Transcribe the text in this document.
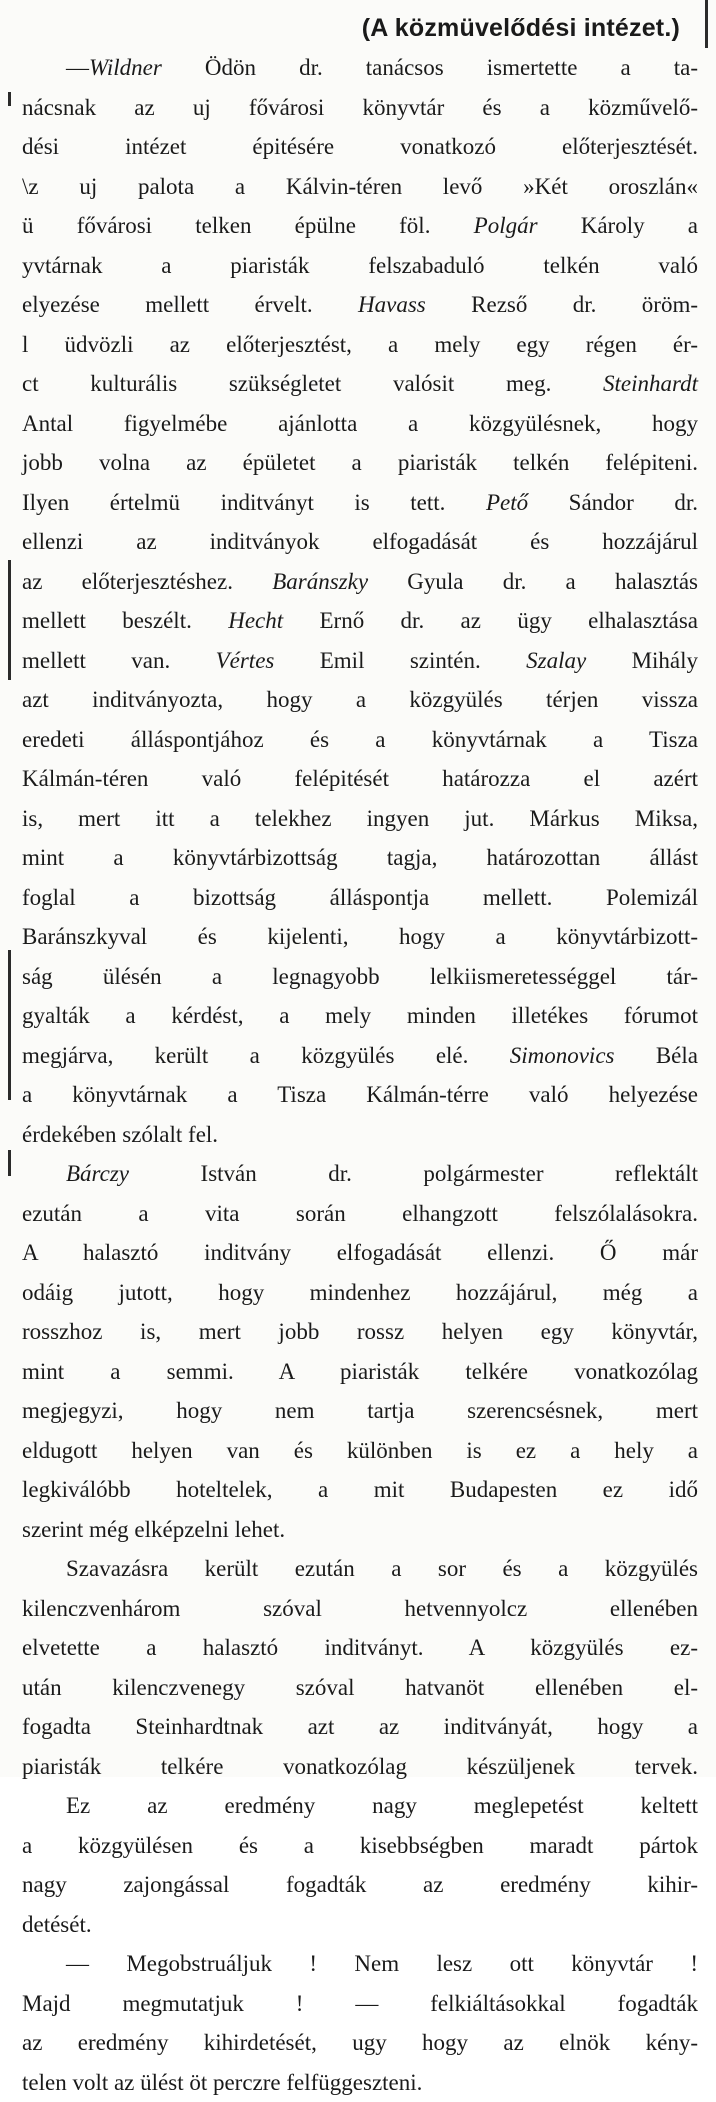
(A közmüvelődési intézet.)
—Wildner Ödön dr. tanácsos ismertette a ta-
nácsnak az uj fővárosi könyvtár és a közművelő-
dési intézet épitésére vonatkozó előterjesztését.
\z uj palota a Kálvin-téren levő »Két oroszlán«
ü fővárosi telken épülne föl. Polgár Károly a
yvtárnak a piaristák felszabaduló telkén való
elyezése mellett érvelt. Havass Rezső dr. öröm-
l üdvözli az előterjesztést, a mely egy régen ér-
ct kulturális szükségletet valósit meg. Steinhardt
Antal figyelmébe ajánlotta a közgyülésnek, hogy
jobb volna az épületet a piaristák telkén felépiteni.
Ilyen értelmü inditványt is tett. Pető Sándor dr.
ellenzi az inditványok elfogadását és hozzájárul
az előterjesztéshez. Baránszky Gyula dr. a halasztás
mellett beszélt. Hecht Ernő dr. az ügy elhalasztása
mellett van. Vértes Emil szintén. Szalay Mihály
azt inditványozta, hogy a közgyülés térjen vissza
eredeti álláspontjához és a könyvtárnak a Tisza
Kálmán-téren való felépitését határozza el azért
is, mert itt a telekhez ingyen jut. Márkus Miksa,
mint a könyvtárbizottság tagja, határozottan állást
foglal a bizottság álláspontja mellett. Polemizál
Baránszkyval és kijelenti, hogy a könyvtárbizott-
ság ülésén a legnagyobb lelkiismeretességgel tár-
gyalták a kérdést, a mely minden illetékes fórumot
megjárva, került a közgyülés elé. Simonovics Béla
a könyvtárnak a Tisza Kálmán-térre való helyezése
érdekében szólalt fel.
Bárczy István dr. polgármester reflektált
ezután a vita során elhangzott felszólalásokra.
A halasztó inditvány elfogadását ellenzi. Ő már
odáig jutott, hogy mindenhez hozzájárul, még a
rosszhoz is, mert jobb rossz helyen egy könyvtár,
mint a semmi. A piaristák telkére vonatkozólag
megjegyzi, hogy nem tartja szerencsésnek, mert
eldugott helyen van és különben is ez a hely a
legkiválóbb hoteltelek, a mit Budapesten ez idő
szerint még elképzelni lehet.
Szavazásra került ezután a sor és a közgyülés
kilenczvenhárom szóval hetvennyolcz ellenében
elvetette a halasztó inditványt. A közgyülés ez-
után kilenczvenegy szóval hatvanöt ellenében el-
fogadta Steinhardtnak azt az inditványát, hogy a
piaristák telkére vonatkozólag készüljenek tervek.
Ez az eredmény nagy meglepetést keltett
a közgyülésen és a kisebbségben maradt pártok
nagy zajongással fogadták az eredmény kihir-
detését.
— Megobstruáljuk ! Nem lesz ott könyvtár !
Majd megmutatjuk ! — felkiáltásokkal fogadták
az eredmény kihirdetését, ugy hogy az elnök kény-
telen volt az ülést öt perczre felfüggeszteni.
